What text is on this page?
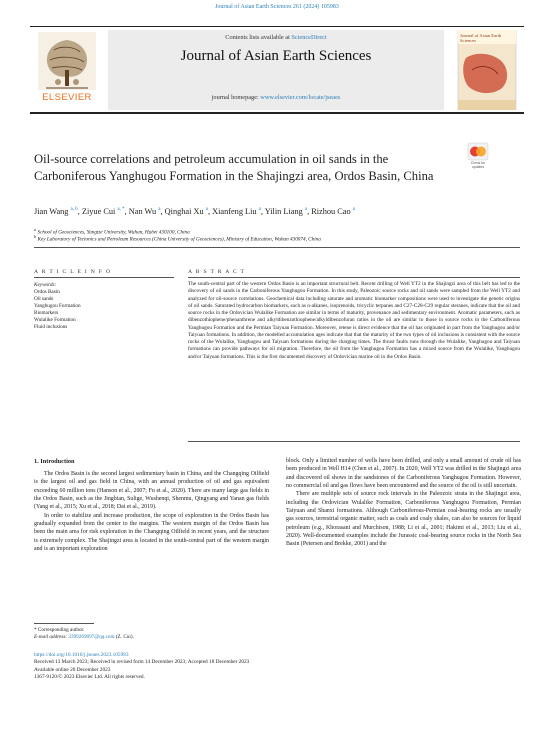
Journal of Asian Earth Sciences 261 (2024) 105983
ELSEVIER
Contents lists available at ScienceDirect
Journal of Asian Earth Sciences
journal homepage: www.elsevier.com/locate/jseaes
Journal of Asian Earth Sciences
Oil-source correlations and petroleum accumulation in oil sands in the Carboniferous Yanghugou Formation in the Shajingzi area, Ordos Basin, China
Check for updates
Jian Wang $^{a, b}$, Ziyue Cui $^{a, *}$, Nan Wu $^a$, Qinghai Xu $^a$, Xianfeng Liu $^a$, Yilin Liang $^a$, Rizhou Cao $^a$
$^a$ School of Geosciences, Yangtze University, Wuhan, Hubei 430100, China
$^b$ Key Laboratory of Tectonics and Petroleum Resources (China University of Geosciences), Ministry of Education, Wuhan 430074, China
A R T I C L E I N F O
Keywords:
Ordos Basin
Oil sands
Yanghugou Formation
Biomarkers
Wulalike Formation
Fluid inclusions
A B S T R A C T
The south-central part of the western Ordos Basin is an important structural belt. Recent drilling of Well YT2 in the Shajingzi area of this belt has led to the discovery of oil sands in the Carboniferous Yanghugou Formation. In this study, Paleozoic source rocks and oil sands were sampled from the Well YT2 and analyzed for oil-source correlations. Geochemical data including saturate and aromatic biomarker compositions were used to investigate the genetic origins of oil sands. Saturated hydrocarbon biomarkers, such as n-alkanes, isoprenoids, tricyclic terpanes and C27-C28-C29 regular steranes, indicate that the oil and source rocks in the Ordovician Wulalike Formation are similar in terms of maturity, provenance and sedimentary environment. Aromatic parameters, such as dibenzothiophene/phenanthrene and alkyldibenzothiophene/alkyldibenzofuran ratios in the oil are similar to those in source rocks in the Carboniferous Yanghugou Formation and the Permian Taiyuan Formation. Moreover, retene is direct evidence that the oil has originated in part from the Yanghugou and/or Taiyuan formations. In addition, the modelled accumulation ages indicate that that the maturity of the two types of oil inclusions is consistent with the source rocks of the Wulalike, Yanghugou and Taiyuan formations during the charging times. The thrust faults runs through the Wulalike, Yanghugou and Taiyuan formations can provide pathways for oil migration. Therefore, the oil from the Yanghugou Formation has a mixed source from the Wulalike, Yanghugou and/or Taiyuan formations. This is the first documented discovery of Ordovician marine oil in the Ordos Basin.
1. Introduction

The Ordos Basin is the second largest sedimentary basin in China, and the Changqing Oilfield is the largest oil and gas field in China, with an annual production of oil and gas equivalent exceeding 60 million tons (Hanson et al., 2007; Fu et al., 2020). There are many large gas fields in the Ordos Basin, such as the Jingbian, Sulige, Wushenqi, Shenmu, Qingyang and Yanan gas fields (Yang et al., 2015; Xu et al., 2018; Dai et al., 2019).

In order to stabilize and increase production, the scope of exploration in the Ordos Basin has gradually expanded from the center to the margins. The western margin of the Ordos Basin has been the main area for risk exploration in the Changqing Oilfield in recent years, and the structure is extremely complex. The Shajingzi area is located in the south-central part of the western margin and is an important exploration

block. Only a limited number of wells have been drilled, and only a small amount of crude oil has been produced in Well H14 (Chen et al., 2007). In 2020, Well YT2 was drilled in the Shajingzi area and discovered oil shows in the sandstones of the Carboniferous Yanghugou Formation. However, no commercial oil and gas flows have been encountered and the source of the oil is still uncertain.

There are multiple sets of source rock intervals in the Paleozoic strata in the Shajingzi area, including the Ordovician Wulalike Formation, Carboniferous Yanghugou Formation, Permian Taiyuan and Shanxi formations. Although Carboniferous-Permian coal-bearing rocks are usually gas sources, terrestrial organic matter, such as coals and coaly shales, can also be sources for liquid petroleum (e.g., Khorasani and Murchison, 1988; Li et al., 2001; Hakimi et al., 2013; Liu et al., 2020). Well-documented examples include the Jurassic coal-bearing source rocks in the North Sea Basin (Petersen and Brekke, 2001) and the

* Corresponding author.
E-mail address: 3399269097@qq.com (Z. Cui).
https://doi.org/10.1016/j.jseaes.2023.105983
Received 13 March 2023; Received in revised form 14 December 2023; Accepted 18 December 2023
Available online 20 December 2023
1367-9120/© 2023 Elsevier Ltd. All rights reserved.
